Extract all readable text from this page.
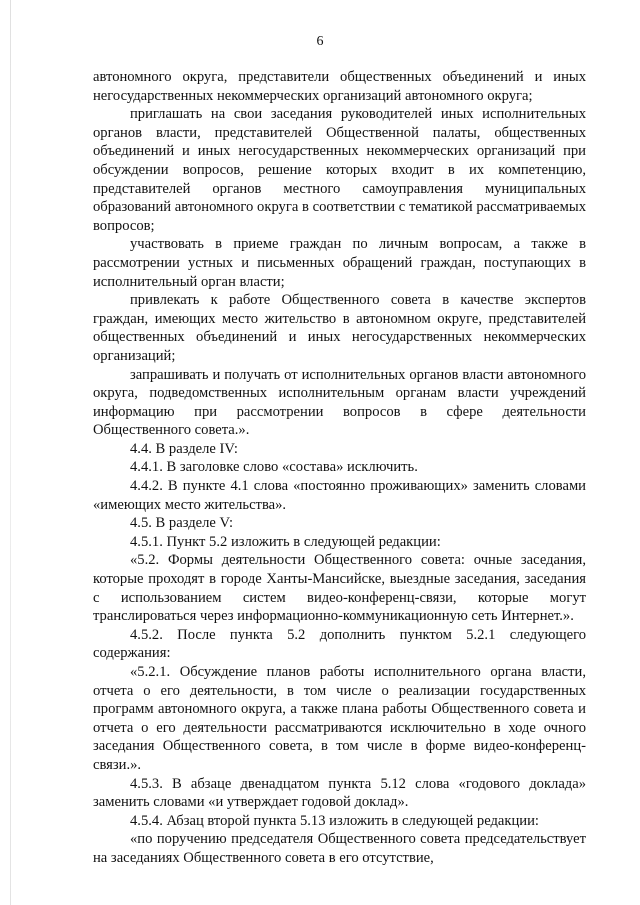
6

автономного округа, представители общественных объединений и иных негосударственных некоммерческих организаций автономного округа;

приглашать на свои заседания руководителей иных исполнительных органов власти, представителей Общественной палаты, общественных объединений и иных негосударственных некоммерческих организаций при обсуждении вопросов, решение которых входит в их компетенцию, представителей органов местного самоуправления муниципальных образований автономного округа в соответствии с тематикой рассматриваемых вопросов;

участвовать в приеме граждан по личным вопросам, а также в рассмотрении устных и письменных обращений граждан, поступающих в исполнительный орган власти;

привлекать к работе Общественного совета в качестве экспертов граждан, имеющих место жительство в автономном округе, представителей общественных объединений и иных негосударственных некоммерческих организаций;

запрашивать и получать от исполнительных органов власти автономного округа, подведомственных исполнительным органам власти учреждений информацию при рассмотрении вопросов в сфере деятельности Общественного совета.».

4.4. В разделе IV:

4.4.1. В заголовке слово «состава» исключить.

4.4.2. В пункте 4.1 слова «постоянно проживающих» заменить словами «имеющих место жительства».

4.5. В разделе V:

4.5.1. Пункт 5.2 изложить в следующей редакции:

«5.2. Формы деятельности Общественного совета: очные заседания, которые проходят в городе Ханты-Мансийске, выездные заседания, заседания с использованием систем видео-конференц-связи, которые могут транслироваться через информационно-коммуникационную сеть Интернет.».

4.5.2. После пункта 5.2 дополнить пунктом 5.2.1 следующего содержания:

«5.2.1. Обсуждение планов работы исполнительного органа власти, отчета о его деятельности, в том числе о реализации государственных программ автономного округа, а также плана работы Общественного совета и отчета о его деятельности рассматриваются исключительно в ходе очного заседания Общественного совета, в том числе в форме видео-конференц-связи.».

4.5.3. В абзаце двенадцатом пункта 5.12 слова «годового доклада» заменить словами «и утверждает годовой доклад».

4.5.4. Абзац второй пункта 5.13 изложить в следующей редакции:

«по поручению председателя Общественного совета председательствует на заседаниях Общественного совета в его отсутствие,
